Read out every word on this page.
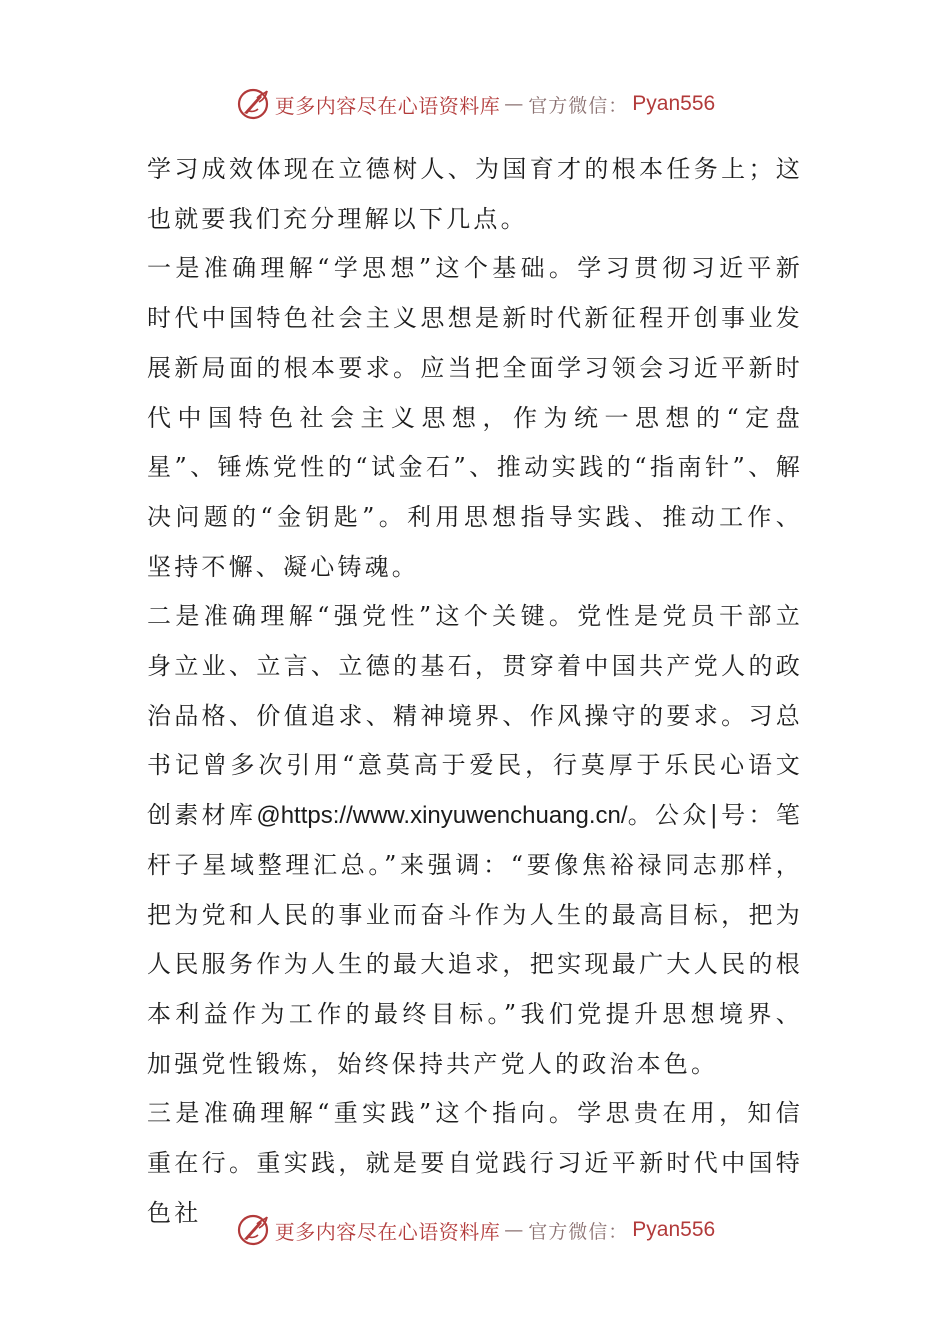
更多内容尽在心语资料库 — 官方微信： Pyan556

学习成效体现在立德树人、为国育才的根本任务上；这也就要我们充分理解以下几点。

一是准确理解“学思想”这个基础。学习贯彻习近平新时代中国特色社会主义思想是新时代新征程开创事业发展新局面的根本要求。应当把全面学习领会习近平新时代中国特色社会主义思想，作为统一思想的“定盘星”、锤炼党性的“试金石”、推动实践的“指南针”、解决问题的“金钥匙”。利用思想指导实践、推动工作、坚持不懈、凝心铸魂。

二是准确理解“强党性”这个关键。党性是党员干部立身立业、立言、立德的基石，贯穿着中国共产党人的政治品格、价值追求、精神境界、作风操守的要求。习总书记曾多次引用“意莫高于爱民，行莫厚于乐民心语文创素材库@https://www.xinyuwenchuang.cn/。公众|号：笔杆子星域整理汇总。”来强调：“要像焦裕禄同志那样，把为党和人民的事业而奋斗作为人生的最高目标，把为人民服务作为人生的最大追求，把实现最广大人民的根本利益作为工作的最终目标。”我们党提升思想境界、加强党性锻炼，始终保持共产党人的政治本色。

三是准确理解“重实践”这个指向。学思贵在用，知信重在行。重实践，就是要自觉践行习近平新时代中国特色社

更多内容尽在心语资料库 — 官方微信： Pyan556
